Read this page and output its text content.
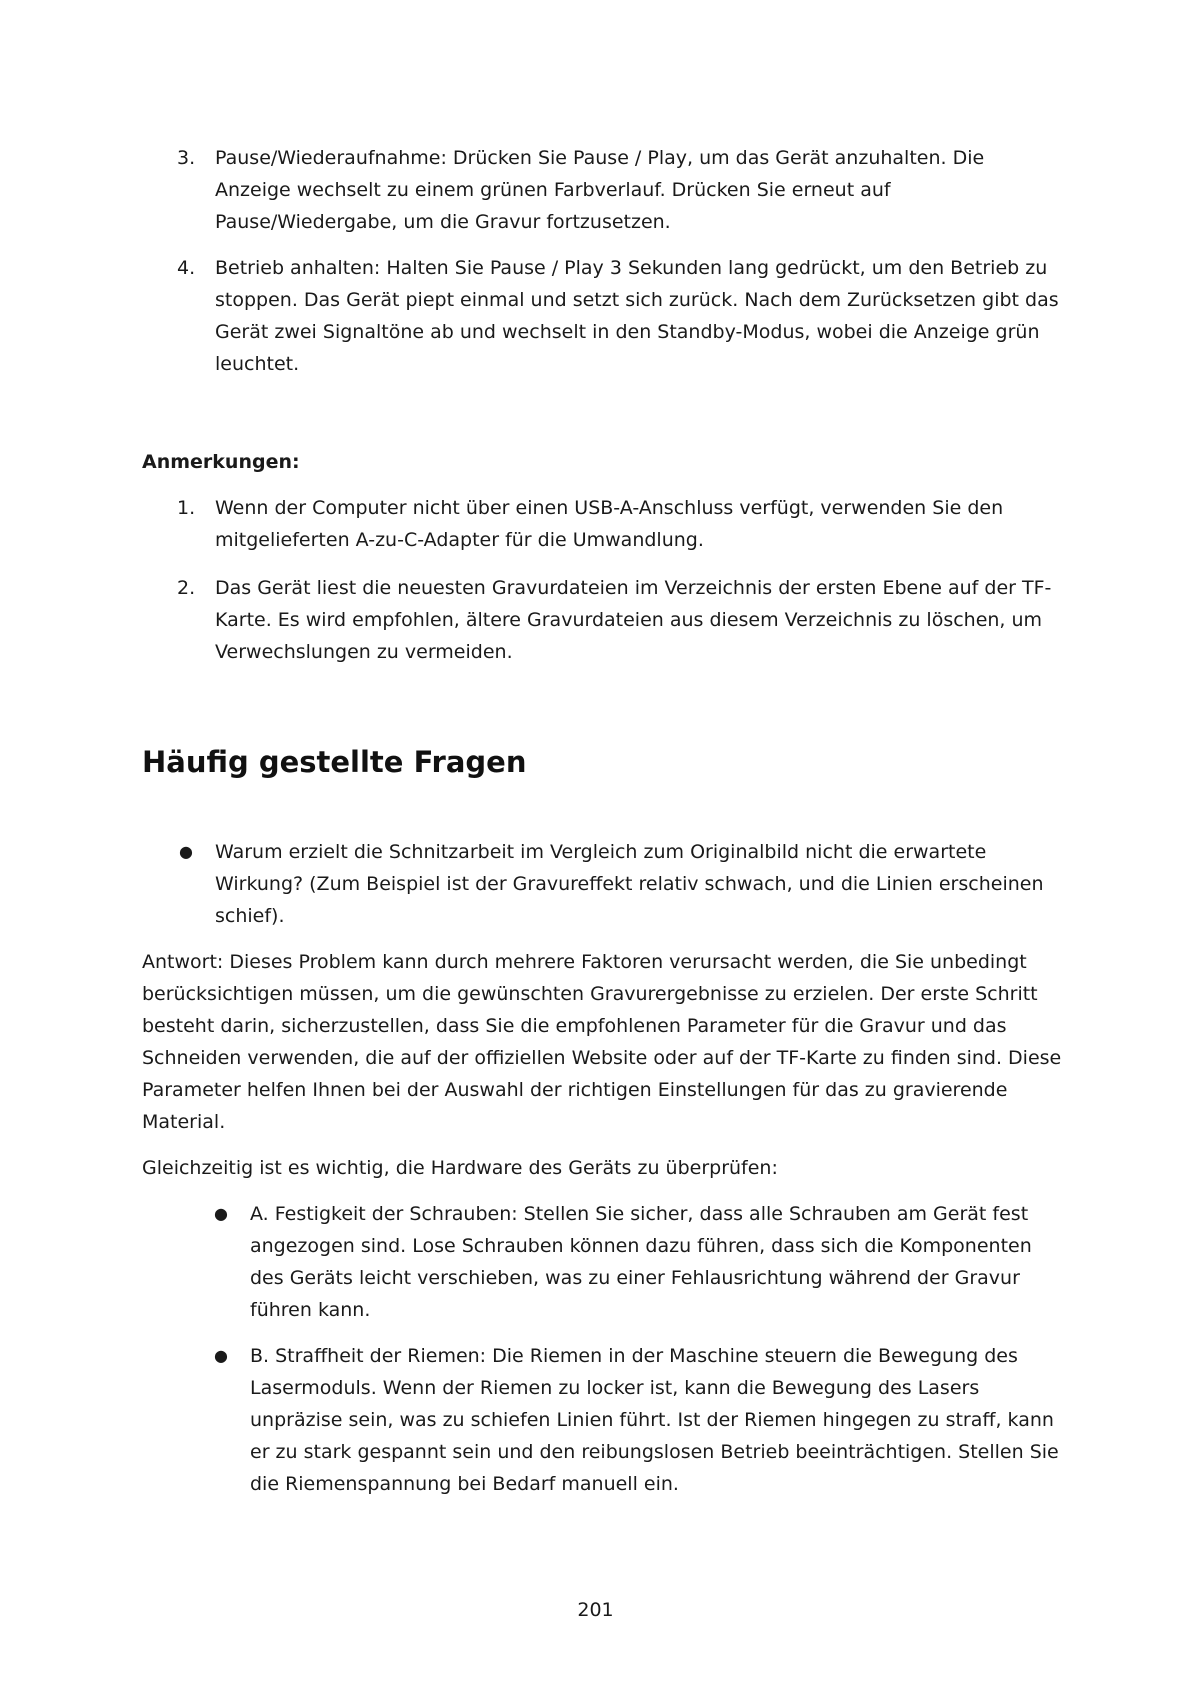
3.	Pause/Wiederaufnahme: Drücken Sie Pause / Play, um das Gerät anzuhalten. Die Anzeige wechselt zu einem grünen Farbverlauf. Drücken Sie erneut auf Pause/Wiedergabe, um die Gravur fortzusetzen.
4.	Betrieb anhalten: Halten Sie Pause / Play 3 Sekunden lang gedrückt, um den Betrieb zu stoppen. Das Gerät piept einmal und setzt sich zurück. Nach dem Zurücksetzen gibt das Gerät zwei Signaltöne ab und wechselt in den Standby-Modus, wobei die Anzeige grün leuchtet.
Anmerkungen:
1.	Wenn der Computer nicht über einen USB-A-Anschluss verfügt, verwenden Sie den mitgelieferten A-zu-C-Adapter für die Umwandlung.
2.	Das Gerät liest die neuesten Gravurdateien im Verzeichnis der ersten Ebene auf der TF-Karte. Es wird empfohlen, ältere Gravurdateien aus diesem Verzeichnis zu löschen, um Verwechslungen zu vermeiden.
Häufig gestellte Fragen
● Warum erzielt die Schnitzarbeit im Vergleich zum Originalbild nicht die erwartete Wirkung? (Zum Beispiel ist der Gravureffekt relativ schwach, und die Linien erscheinen schief).

Antwort: Dieses Problem kann durch mehrere Faktoren verursacht werden, die Sie unbedingt berücksichtigen müssen, um die gewünschten Gravurergebnisse zu erzielen. Der erste Schritt besteht darin, sicherzustellen, dass Sie die empfohlenen Parameter für die Gravur und das Schneiden verwenden, die auf der offiziellen Website oder auf der TF-Karte zu finden sind. Diese Parameter helfen Ihnen bei der Auswahl der richtigen Einstellungen für das zu gravierende Material.

Gleichzeitig ist es wichtig, die Hardware des Geräts zu überprüfen:

● A. Festigkeit der Schrauben: Stellen Sie sicher, dass alle Schrauben am Gerät fest angezogen sind. Lose Schrauben können dazu führen, dass sich die Komponenten des Geräts leicht verschieben, was zu einer Fehlausrichtung während der Gravur führen kann.
● B. Straffheit der Riemen: Die Riemen in der Maschine steuern die Bewegung des Lasermoduls. Wenn der Riemen zu locker ist, kann die Bewegung des Lasers unpräzise sein, was zu schiefen Linien führt. Ist der Riemen hingegen zu straff, kann er zu stark gespannt sein und den reibungslosen Betrieb beeinträchtigen. Stellen Sie die Riemenspannung bei Bedarf manuell ein.
201
